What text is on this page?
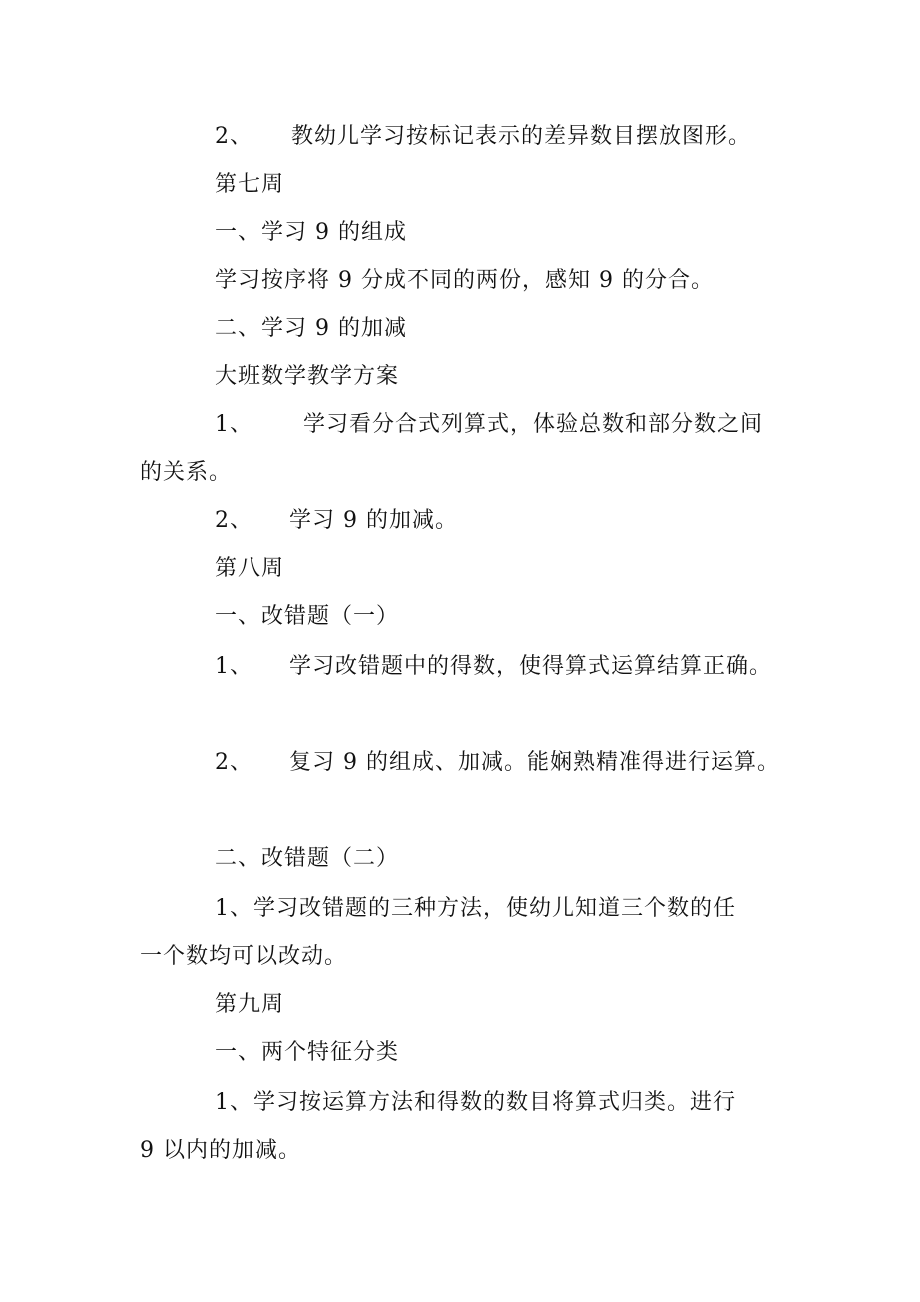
2、 教幼儿学习按标记表示的差异数目摆放图形。
第七周
一、学习 9 的组成
学习按序将 9 分成不同的两份，感知 9 的分合。
二、学习 9 的加减
大班数学教学方案
1、 学习看分合式列算式，体验总数和部分数之间
的关系。
2、 学习 9 的加减。
第八周
一、改错题（一）
1、 学习改错题中的得数，使得算式运算结算正确。
2、 复习 9 的组成、加减。能娴熟精准得进行运算。
二、改错题（二）
1、学习改错题的三种方法，使幼儿知道三个数的任
一个数均可以改动。
第九周
一、两个特征分类
1、学习按运算方法和得数的数目将算式归类。进行
9 以内的加减。
